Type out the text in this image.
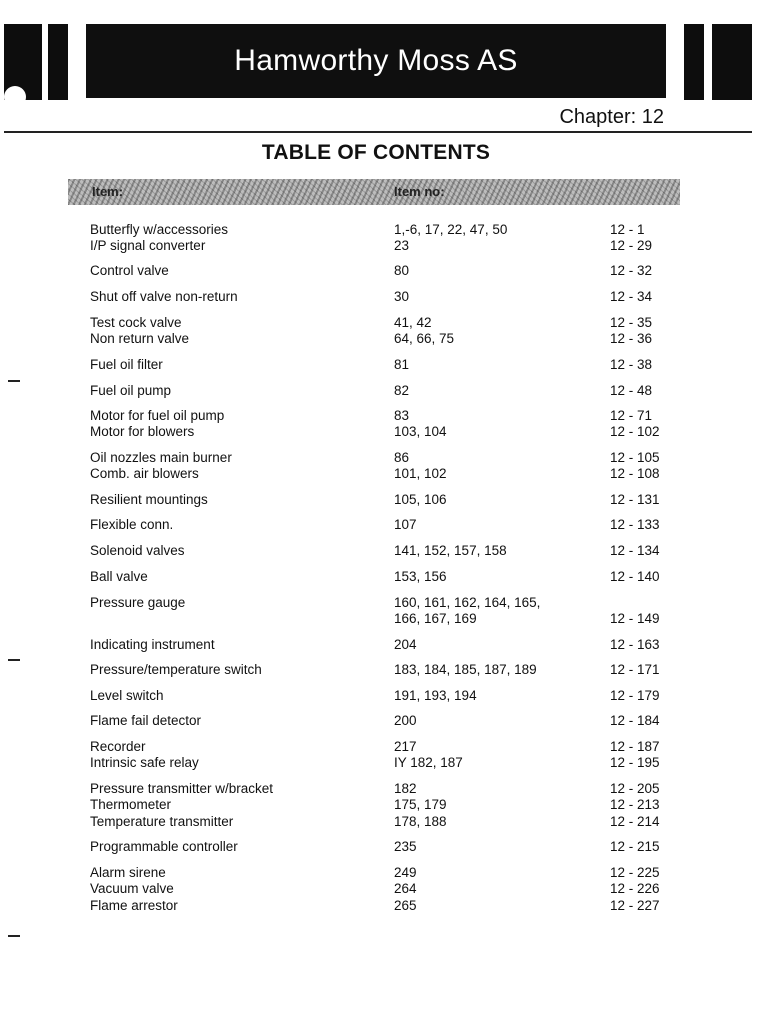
Hamworthy Moss AS
Chapter: 12
TABLE OF CONTENTS
Item:	Item no:
Butterfly w/accessories	1,-6, 17, 22, 47, 50	12 - 1
I/P signal converter	23	12 - 29
Control valve	80	12 - 32
Shut off valve non-return	30	12 - 34
Test cock valve	41, 42	12 - 35
Non return valve	64, 66, 75	12 - 36
Fuel oil filter	81	12 - 38
Fuel oil pump	82	12 - 48
Motor for fuel oil pump	83	12 - 71
Motor for blowers	103, 104	12 - 102
Oil nozzles main burner	86	12 - 105
Comb. air blowers	101, 102	12 - 108
Resilient mountings	105, 106	12 - 131
Flexible conn.	107	12 - 133
Solenoid valves	141, 152, 157, 158	12 - 134
Ball valve	153, 156	12 - 140
Pressure gauge	160, 161, 162, 164, 165,
166, 167, 169	12 - 149
Indicating instrument	204	12 - 163
Pressure/temperature switch	183, 184, 185, 187, 189	12 - 171
Level switch	191, 193, 194	12 - 179
Flame fail detector	200	12 - 184
Recorder	217	12 - 187
Intrinsic safe relay	IY 182, 187	12 - 195
Pressure transmitter w/bracket	182	12 - 205
Thermometer	175, 179	12 - 213
Temperature transmitter	178, 188	12 - 214
Programmable controller	235	12 - 215
Alarm sirene	249	12 - 225
Vacuum valve	264	12 - 226
Flame arrestor	265	12 - 227
